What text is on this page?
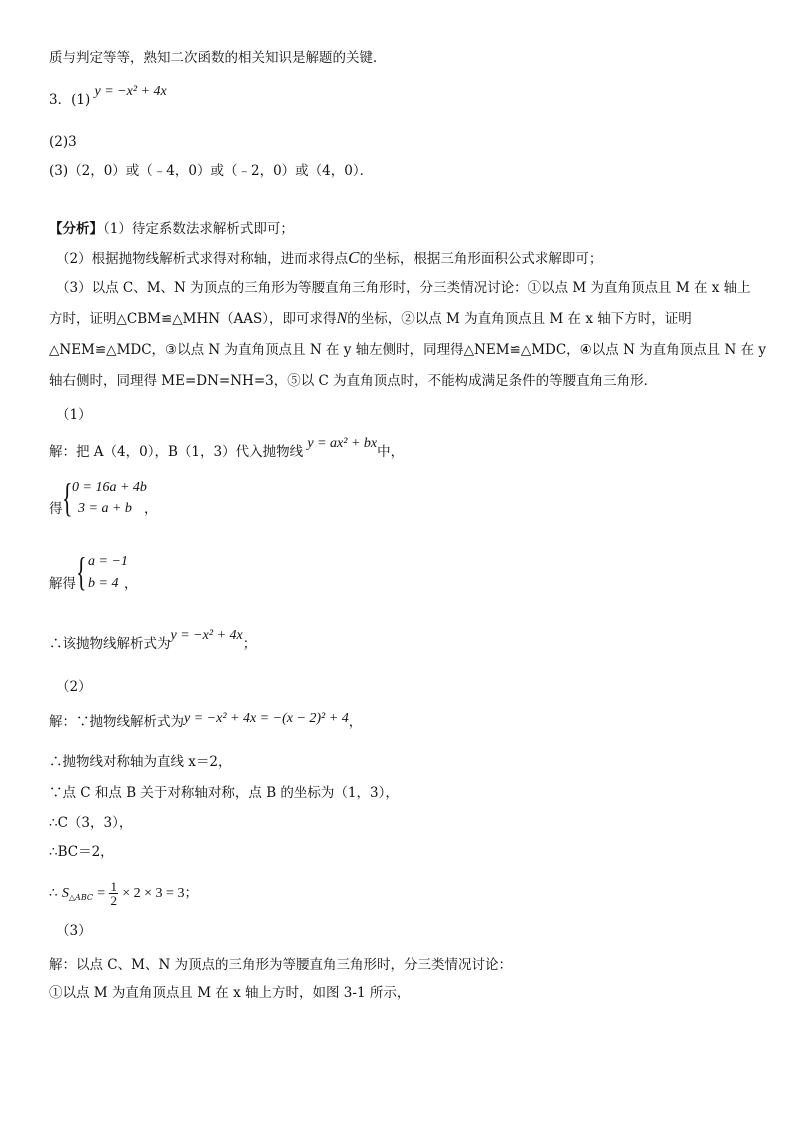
质与判定等等，熟知二次函数的相关知识是解题的关键．
3．(1) y = −x² + 4x
(2)3
(3)（2，0）或（﹣4，0）或（﹣2，0）或（4，0）．
【分析】（1）待定系数法求解析式即可；
（2）根据抛物线解析式求得对称轴，进而求得点C的坐标，根据三角形面积公式求解即可；
（3）以点 C、M、N 为顶点的三角形为等腰直角三角形时，分三类情况讨论：①以点 M 为直角顶点且 M 在 x 轴上
方时，证明△CBM≌△MHN（AAS），即可求得N的坐标，②以点 M 为直角顶点且 M 在 x 轴下方时，证明
△NEM≌△MDC，③以点 N 为直角顶点且 N 在 y 轴左侧时，同理得△NEM≌△MDC，④以点 N 为直角顶点且 N 在 y
轴右侧时，同理得 ME=DN=NH=3，⑤以 C 为直角顶点时，不能构成满足条件的等腰直角三角形．
（1）
解：把 A（4，0），B（1，3）代入抛物线 y = ax² + bx中，
得 { 0 = 16a + 4b
3 = a + b ，
解得 { a = −1
b = 4 ，
∴该抛物线解析式为y = −x² + 4x；
（2）
解：∵抛物线解析式为y = −x² + 4x = −(x − 2)² + 4，
∴抛物线对称轴为直线 x＝2，
∵点 C 和点 B 关于对称轴对称，点 B 的坐标为（1，3），
∴C（3，3），
∴BC＝2，
∴ $S_{\triangle ABC} = \frac{1}{2} \times 2 \times 3 = 3$；
（3）
解：以点 C、M、N 为顶点的三角形为等腰直角三角形时，分三类情况讨论：
①以点 M 为直角顶点且 M 在 x 轴上方时，如图 3-1 所示，
